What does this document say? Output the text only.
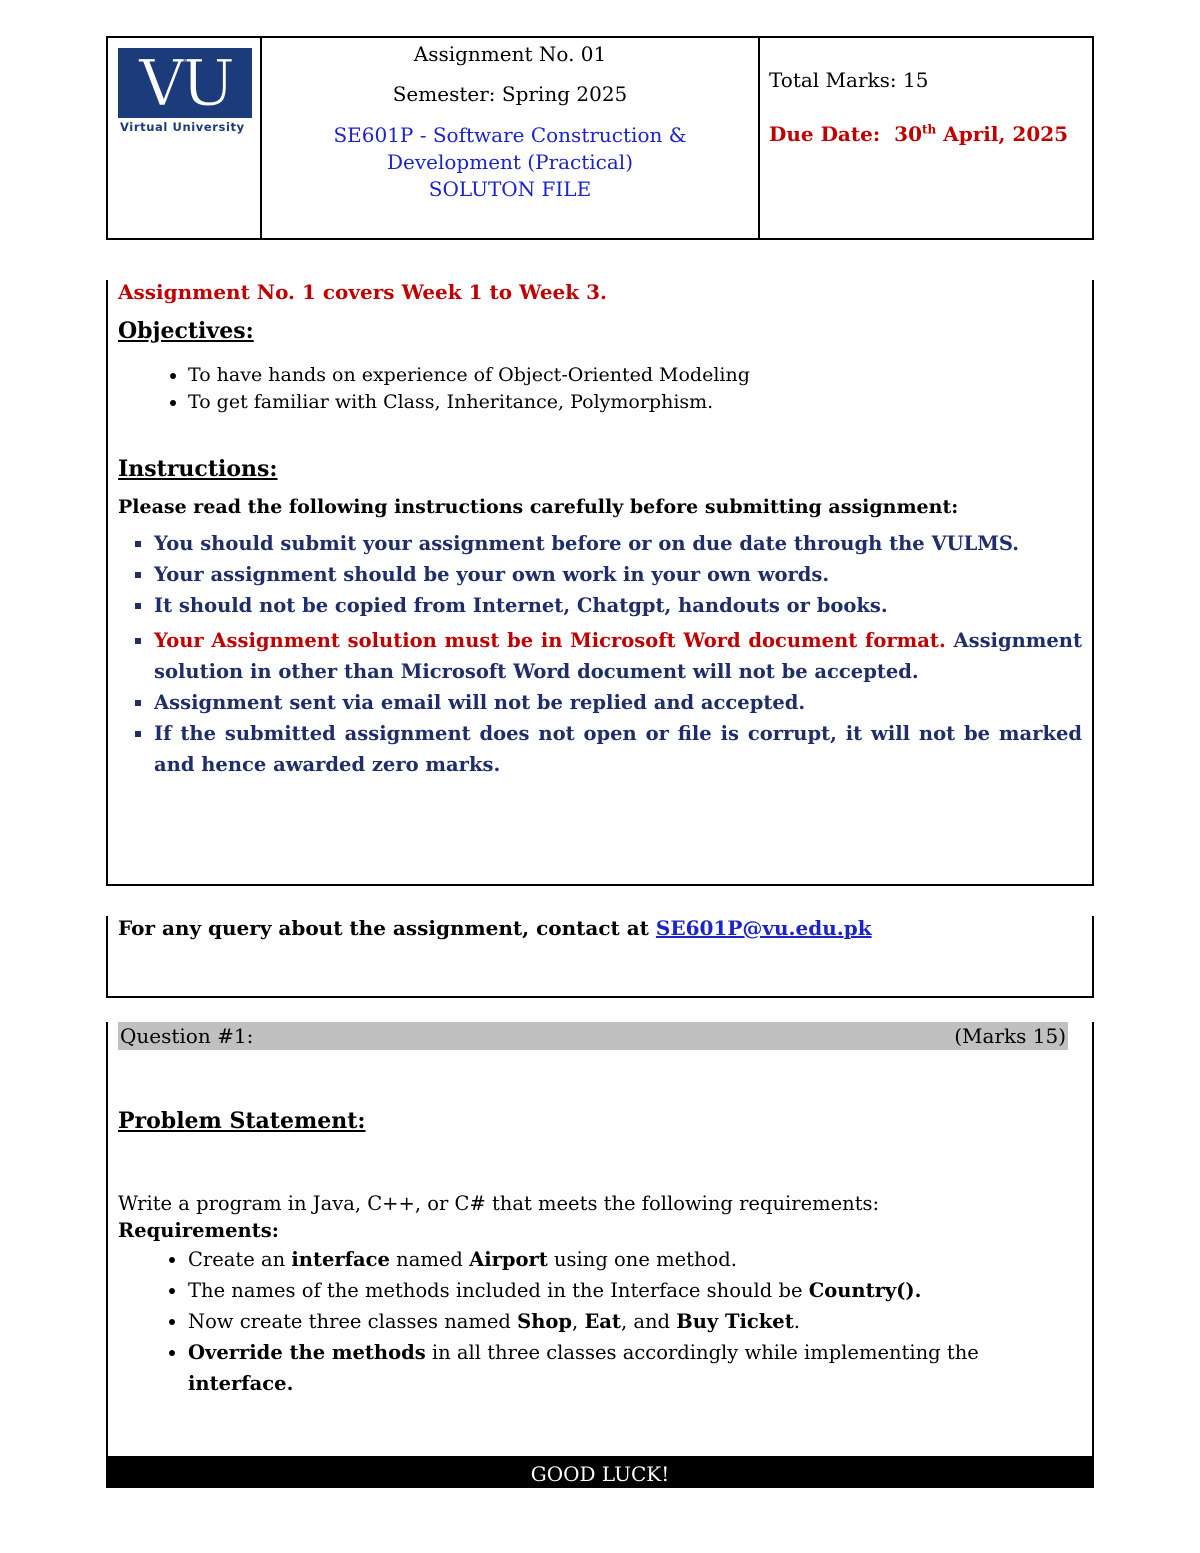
VU
Virtual University
Assignment No. 01
Semester: Spring 2025
SE601P - Software Construction &
Development (Practical)
SOLUTON FILE
Total Marks: 15
Due Date: 30th April, 2025
Assignment No. 1 covers Week 1 to Week 3.
Objectives:
• To have hands on experience of Object-Oriented Modeling
• To get familiar with Class, Inheritance, Polymorphism.
Instructions:
Please read the following instructions carefully before submitting assignment:
▪ You should submit your assignment before or on due date through the VULMS.
▪ Your assignment should be your own work in your own words.
▪ It should not be copied from Internet, Chatgpt, handouts or books.
▪ Your Assignment solution must be in Microsoft Word document format. Assignment solution in other than Microsoft Word document will not be accepted.
▪ Assignment sent via email will not be replied and accepted.
▪ If the submitted assignment does not open or file is corrupt, it will not be marked and hence awarded zero marks.
For any query about the assignment, contact at SE601P@vu.edu.pk
Question #1:	(Marks 15)
Problem Statement:
Write a program in Java, C++, or C# that meets the following requirements:
Requirements:
• Create an interface named Airport using one method.
• The names of the methods included in the Interface should be Country().
• Now create three classes named Shop, Eat, and Buy Ticket.
• Override the methods in all three classes accordingly while implementing the interface.
GOOD LUCK!
